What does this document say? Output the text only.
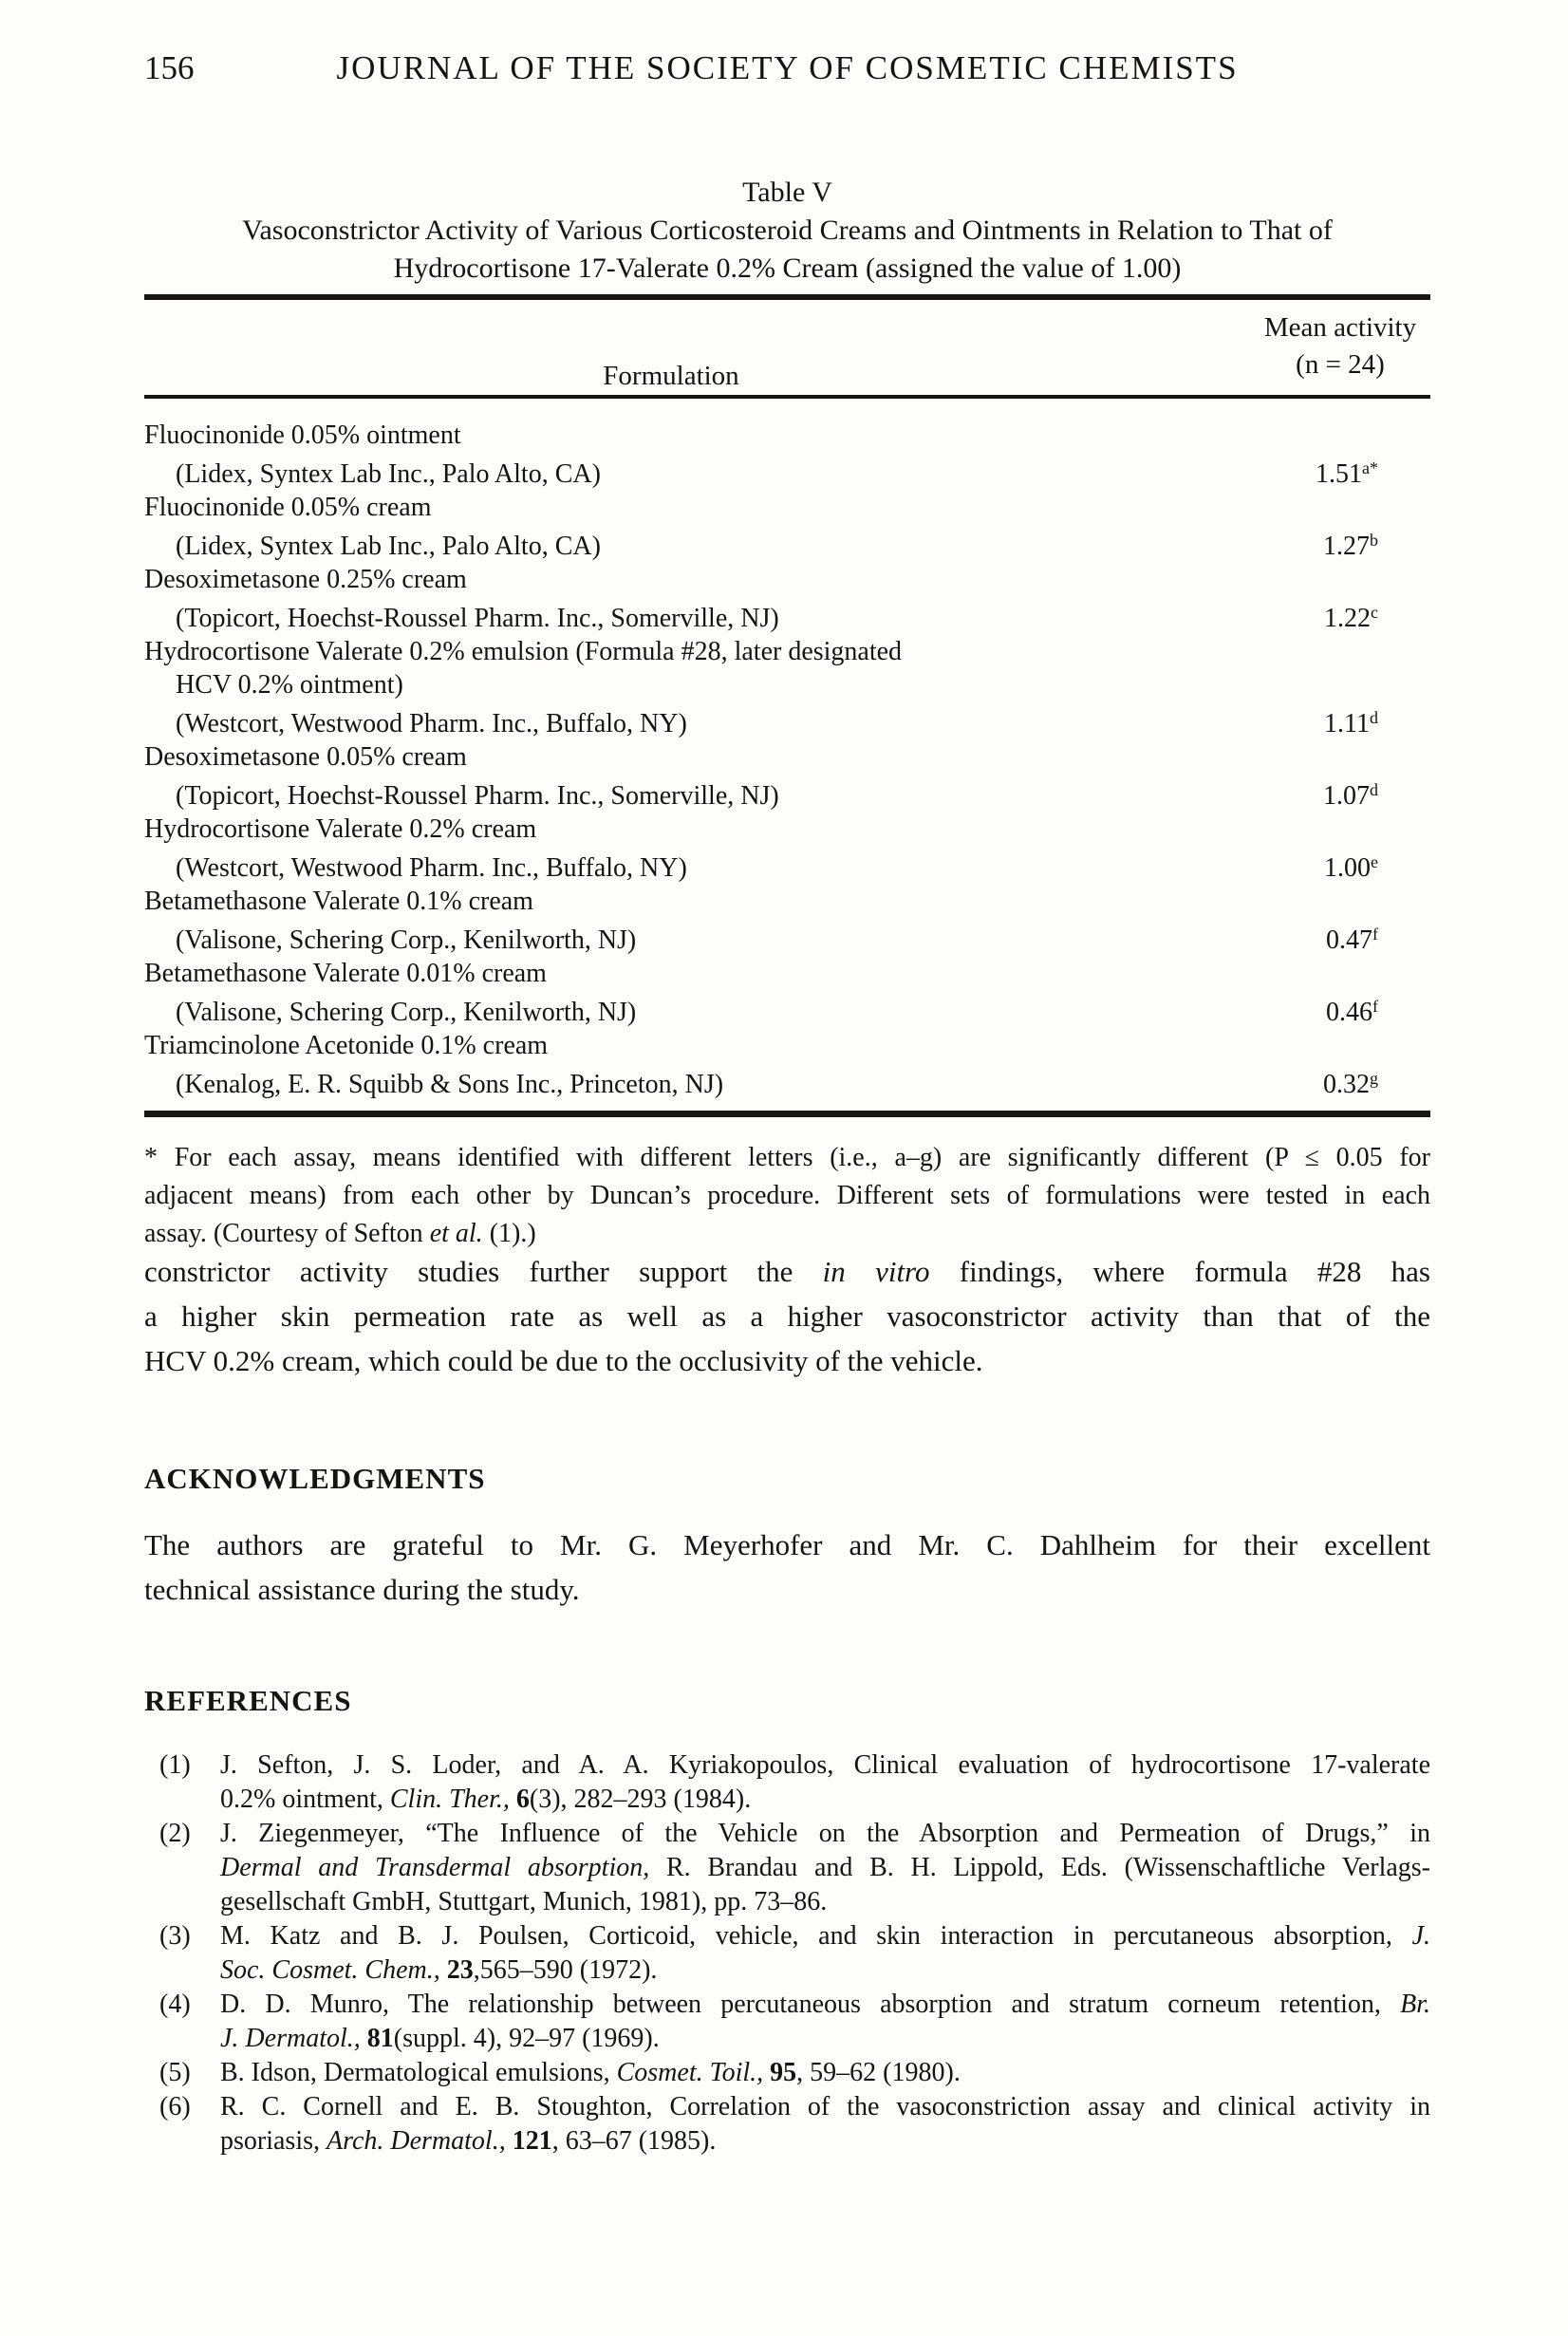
156	JOURNAL OF THE SOCIETY OF COSMETIC CHEMISTS
Table V
Vasoconstrictor Activity of Various Corticosteroid Creams and Ointments in Relation to That of
Hydrocortisone 17-Valerate 0.2% Cream (assigned the value of 1.00)
Formulation
Mean activity
(n = 24)
Fluocinonide 0.05% ointment
(Lidex, Syntex Lab Inc., Palo Alto, CA)	$1.51^{a*}$
Fluocinonide 0.05% cream
(Lidex, Syntex Lab Inc., Palo Alto, CA)	1.27$^b$
Desoximetasone 0.25% cream
(Topicort, Hoechst-Roussel Pharm. Inc., Somerville, NJ)	1.22$^c$
Hydrocortisone Valerate 0.2% emulsion (Formula #28, later designated
HCV 0.2% ointment)
(Westcort, Westwood Pharm. Inc., Buffalo, NY)	1.11$^d$
Desoximetasone 0.05% cream
(Topicort, Hoechst-Roussel Pharm. Inc., Somerville, NJ)	1.07$^d$
Hydrocortisone Valerate 0.2% cream
(Westcort, Westwood Pharm. Inc., Buffalo, NY)	1.00e
Betamethasone Valerate 0.1% cream
(Valisone, Schering Corp., Kenilworth, NJ)	0.47$^f$
Betamethasone Valerate 0.01% cream
(Valisone, Schering Corp., Kenilworth, NJ)	0.46$^f$
Triamcinolone Acetonide 0.1% cream
(Kenalog, E. R. Squibb & Sons Inc., Princeton, NJ)	0.32$^g$
* For each assay, means identified with different letters (i.e., a–g) are significantly different (P ≤ 0.05 for
adjacent means) from each other by Duncan’s procedure. Different sets of formulations were tested in each
assay. (Courtesy of Sefton et al. (1).)
constrictor activity studies further support the in vitro findings, where formula #28 has
a higher skin permeation rate as well as a higher vasoconstrictor activity than that of the
HCV 0.2% cream, which could be due to the occlusivity of the vehicle.
ACKNOWLEDGMENTS
The authors are grateful to Mr. G. Meyerhofer and Mr. C. Dahlheim for their excellent
technical assistance during the study.
REFERENCES
(1) J. Sefton, J. S. Loder, and A. A. Kyriakopoulos, Clinical evaluation of hydrocortisone 17-valerate
0.2% ointment, Clin. Ther., 6(3), 282–293 (1984).
(2) J. Ziegenmeyer, “The Influence of the Vehicle on the Absorption and Permeation of Drugs,” in
Dermal and Transdermal absorption, R. Brandau and B. H. Lippold, Eds. (Wissenschaftliche Verlags-
gesellschaft GmbH, Stuttgart, Munich, 1981), pp. 73–86.
(3) M. Katz and B. J. Poulsen, Corticoid, vehicle, and skin interaction in percutaneous absorption, J.
Soc. Cosmet. Chem., 23,565–590 (1972).
(4) D. D. Munro, The relationship between percutaneous absorption and stratum corneum retention, Br.
J. Dermatol., 81(suppl. 4), 92–97 (1969).
(5) B. Idson, Dermatological emulsions, Cosmet. Toil., 95, 59–62 (1980).
(6) R. C. Cornell and E. B. Stoughton, Correlation of the vasoconstriction assay and clinical activity in
psoriasis, Arch. Dermatol., 121, 63–67 (1985).
